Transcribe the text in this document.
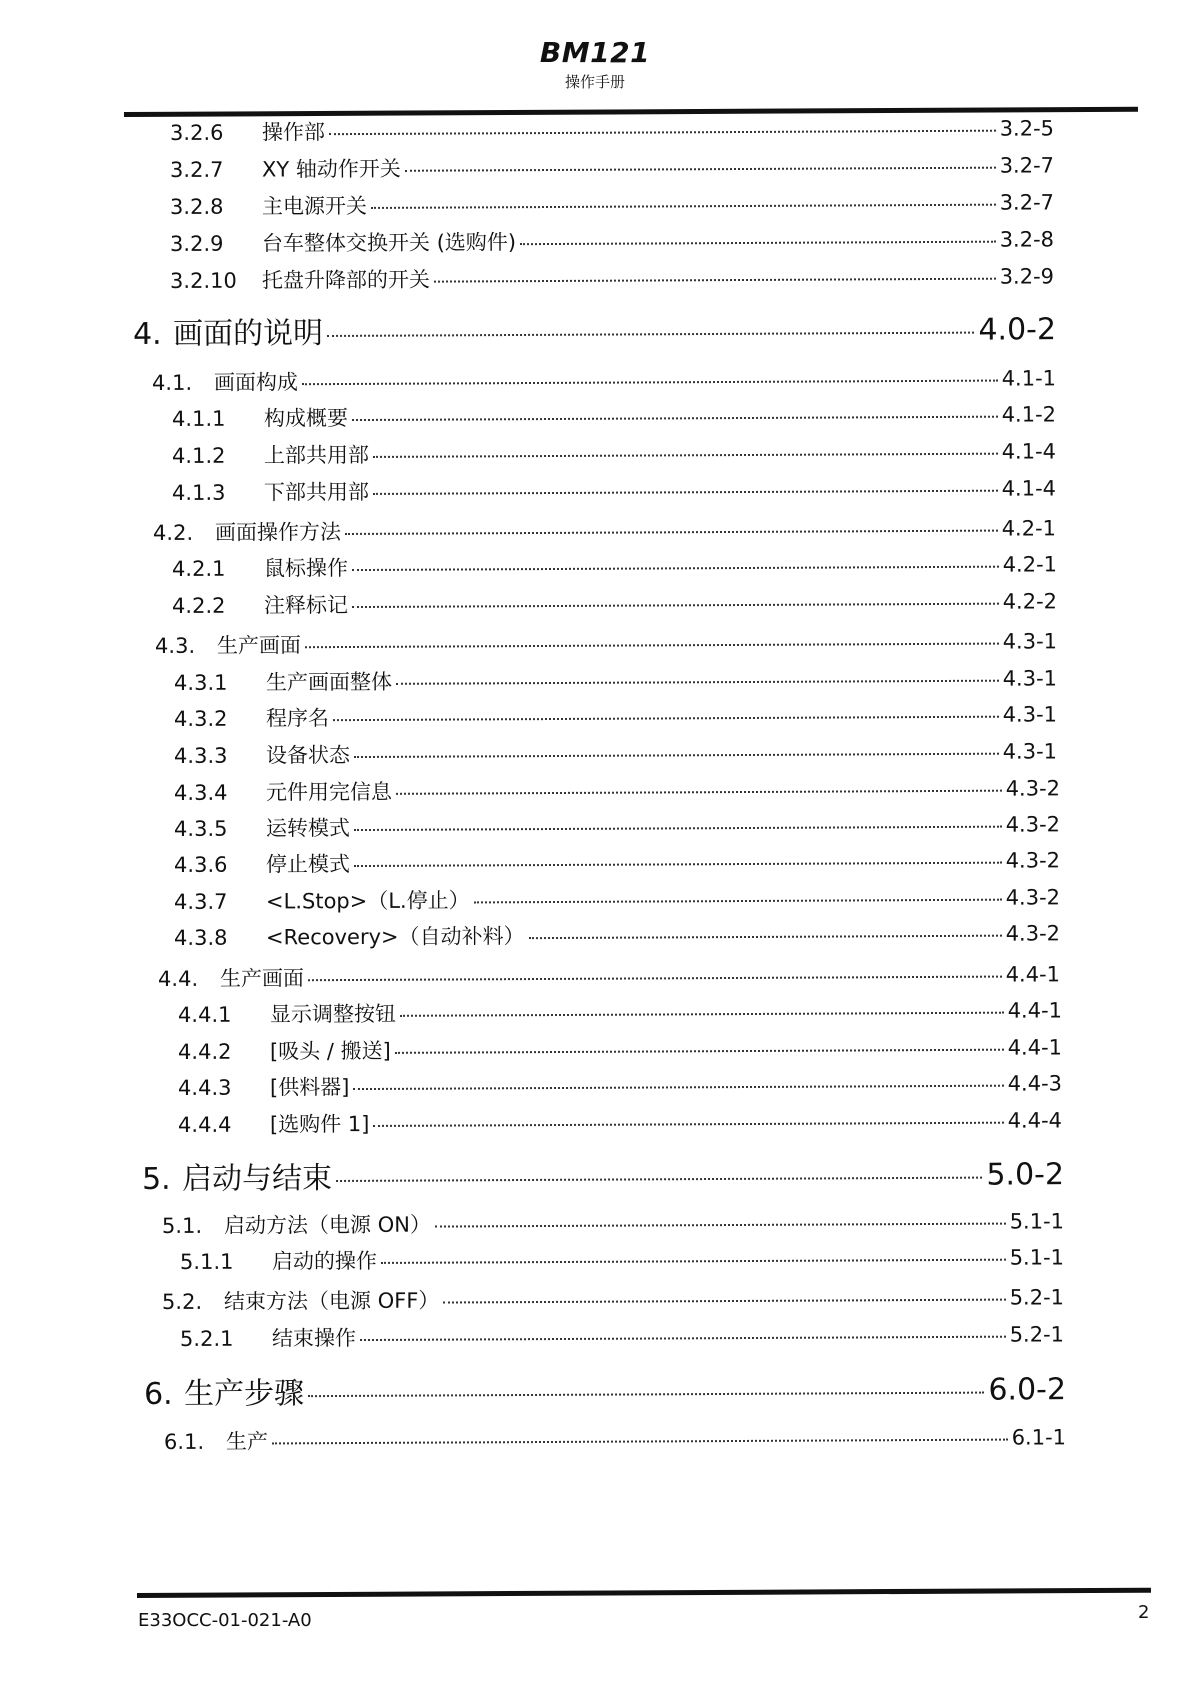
BM121
操作手册
3.2.6	操作部	3.2-5
3.2.7	XY 轴动作开关	3.2-7
3.2.8	主电源开关	3.2-7
3.2.9	台车整体交换开关 (选购件)	3.2-8
3.2.10	托盘升降部的开关	3.2-9
4. 画面的说明	4.0-2
4.1.	画面构成	4.1-1
4.1.1	构成概要	4.1-2
4.1.2	上部共用部	4.1-4
4.1.3	下部共用部	4.1-4
4.2.	画面操作方法	4.2-1
4.2.1	鼠标操作	4.2-1
4.2.2	注释标记	4.2-2
4.3.	生产画面	4.3-1
4.3.1	生产画面整体	4.3-1
4.3.2	程序名	4.3-1
4.3.3	设备状态	4.3-1
4.3.4	元件用完信息	4.3-2
4.3.5	运转模式	4.3-2
4.3.6	停止模式	4.3-2
4.3.7	<L.Stop>（L.停止）	4.3-2
4.3.8	<Recovery>（自动补料）	4.3-2
4.4.	生产画面	4.4-1
4.4.1	显示调整按钮	4.4-1
4.4.2	[吸头 / 搬送]	4.4-1
4.4.3	[供料器]	4.4-3
4.4.4	[选购件 1]	4.4-4
5. 启动与结束	5.0-2
5.1.	启动方法（电源 ON）	5.1-1
5.1.1	启动的操作	5.1-1
5.2.	结束方法（电源 OFF）	5.2-1
5.2.1	结束操作	5.2-1
6. 生产步骤	6.0-2
6.1.	生产	6.1-1
E33OCC-01-021-A0	2
